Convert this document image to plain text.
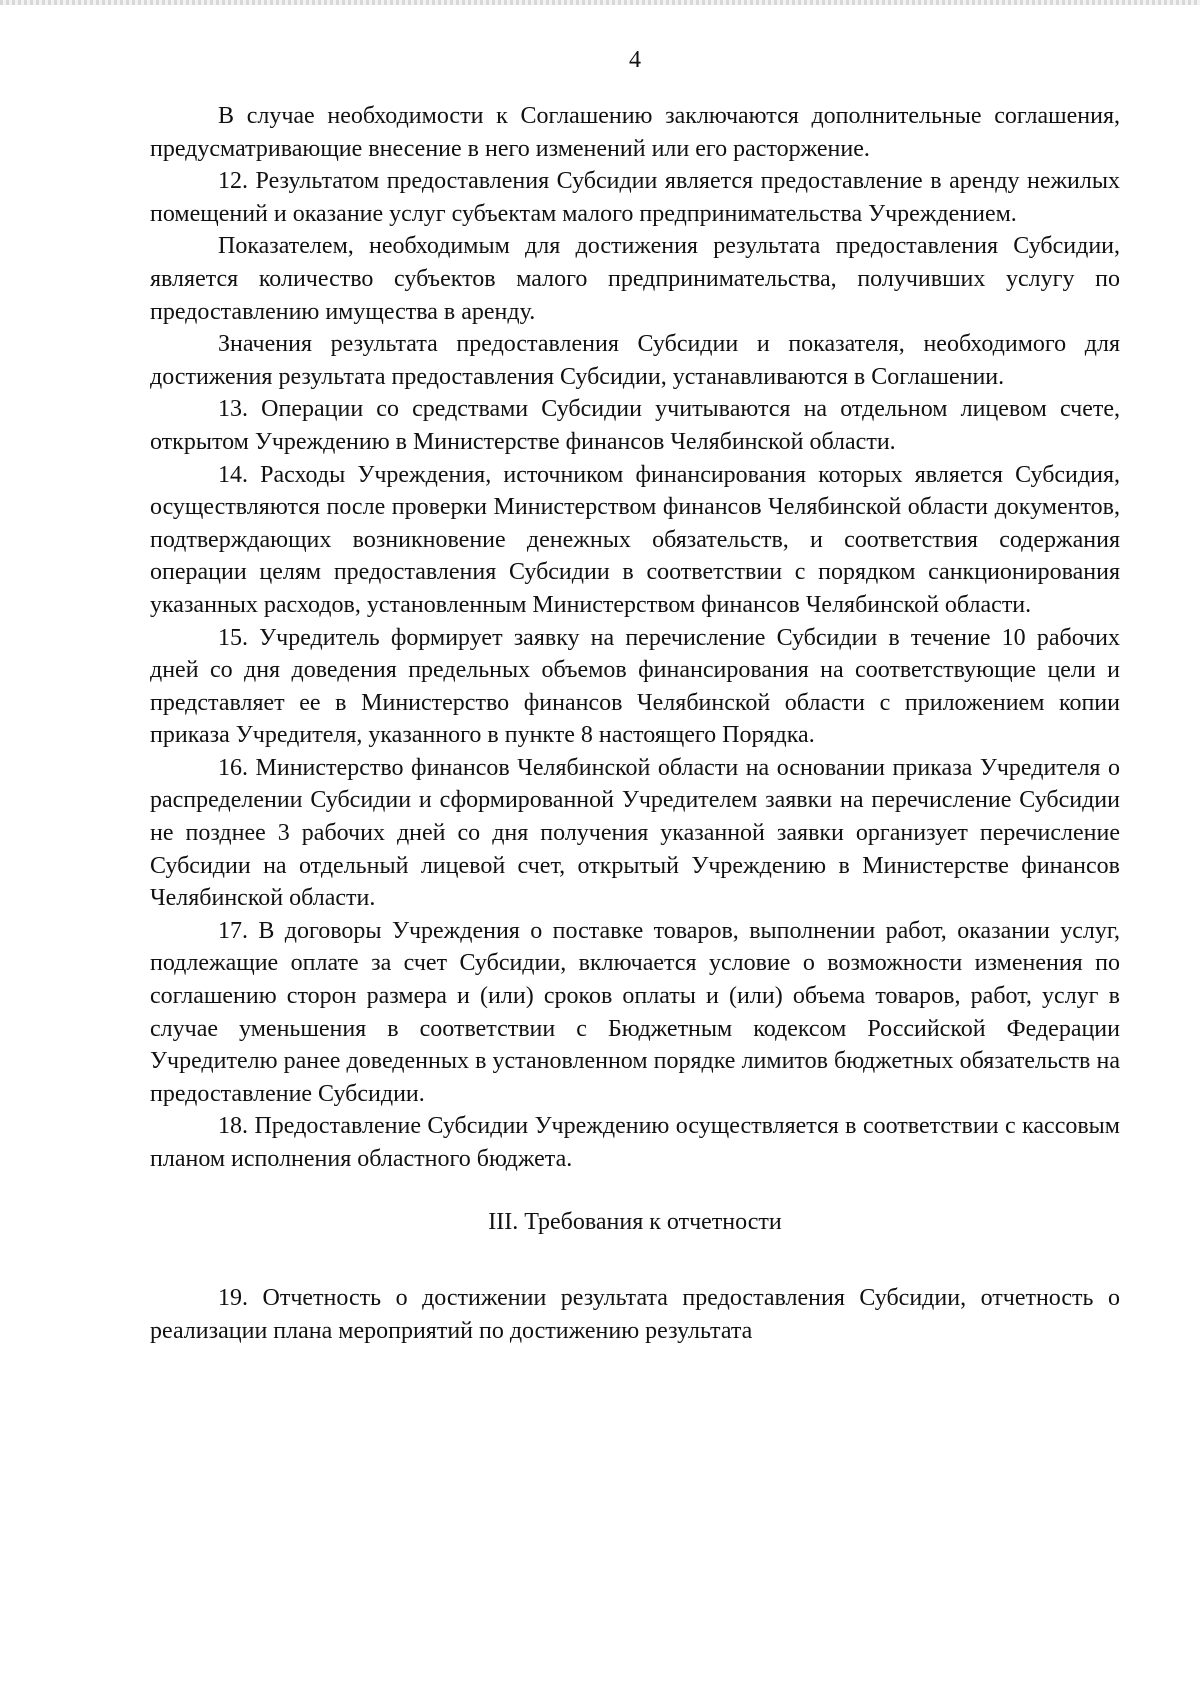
4

В случае необходимости к Соглашению заключаются дополнительные соглашения, предусматривающие внесение в него изменений или его расторжение.

12. Результатом предоставления Субсидии является предоставление в аренду нежилых помещений и оказание услуг субъектам малого предпринимательства Учреждением.

Показателем, необходимым для достижения результата предоставления Субсидии, является количество субъектов малого предпринимательства, получивших услугу по предоставлению имущества в аренду.

Значения результата предоставления Субсидии и показателя, необходимого для достижения результата предоставления Субсидии, устанавливаются в Соглашении.

13. Операции со средствами Субсидии учитываются на отдельном лицевом счете, открытом Учреждению в Министерстве финансов Челябинской области.

14. Расходы Учреждения, источником финансирования которых является Субсидия, осуществляются после проверки Министерством финансов Челябинской области документов, подтверждающих возникновение денежных обязательств, и соответствия содержания операции целям предоставления Субсидии в соответствии с порядком санкционирования указанных расходов, установленным Министерством финансов Челябинской области.

15. Учредитель формирует заявку на перечисление Субсидии в течение 10 рабочих дней со дня доведения предельных объемов финансирования на соответствующие цели и представляет ее в Министерство финансов Челябинской области с приложением копии приказа Учредителя, указанного в пункте 8 настоящего Порядка.

16. Министерство финансов Челябинской области на основании приказа Учредителя о распределении Субсидии и сформированной Учредителем заявки на перечисление Субсидии не позднее 3 рабочих дней со дня получения указанной заявки организует перечисление Субсидии на отдельный лицевой счет, открытый Учреждению в Министерстве финансов Челябинской области.

17. В договоры Учреждения о поставке товаров, выполнении работ, оказании услуг, подлежащие оплате за счет Субсидии, включается условие о возможности изменения по соглашению сторон размера и (или) сроков оплаты и (или) объема товаров, работ, услуг в случае уменьшения в соответствии с Бюджетным кодексом Российской Федерации Учредителю ранее доведенных в установленном порядке лимитов бюджетных обязательств на предоставление Субсидии.

18. Предоставление Субсидии Учреждению осуществляется в соответствии с кассовым планом исполнения областного бюджета.

III. Требования к отчетности

19. Отчетность о достижении результата предоставления Субсидии, отчетность о реализации плана мероприятий по достижению результата
